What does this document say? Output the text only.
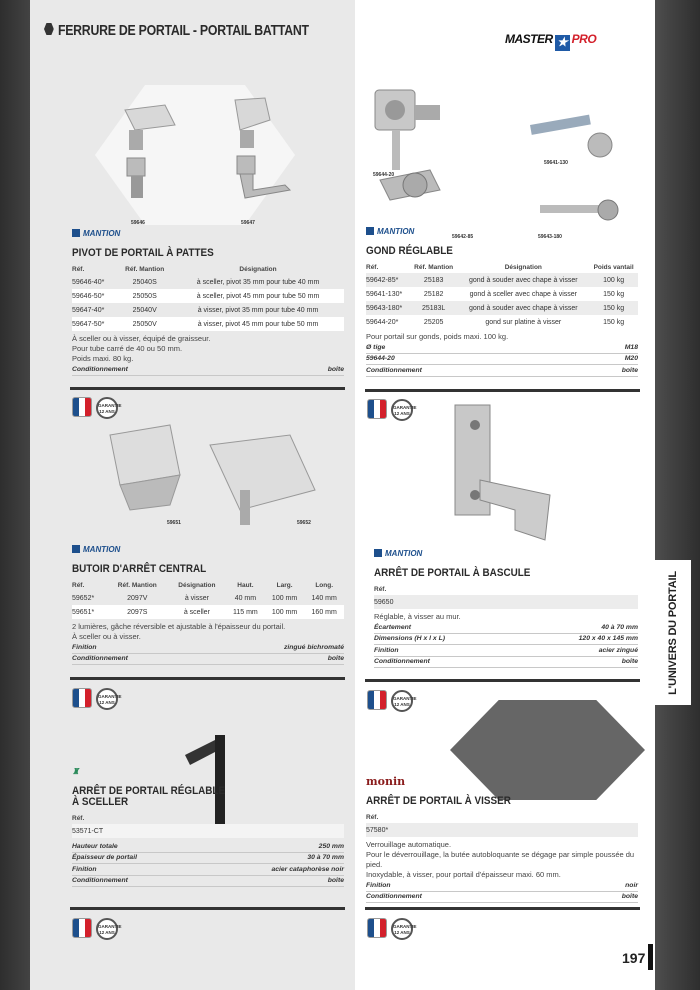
FERRURE DE PORTAIL - PORTAIL BATTANT	MASTER ★ PRO
59646	59647
59644-20
59641-130
59642-85	59643-180
59651	59652
MANTION
PIVOT DE PORTAIL À PATTES
Réf.	Réf. Mantion	Désignation
59646-40*	25040S	à sceller, pivot 35 mm pour tube 40 mm
59646-50*	25050S	à sceller, pivot 45 mm pour tube 50 mm
59647-40*	25040V	à visser, pivot 35 mm pour tube 40 mm
59647-50*	25050V	à visser, pivot 45 mm pour tube 50 mm
À sceller ou à visser, équipé de graisseur.
Pour tube carré de 40 ou 50 mm.
Poids maxi. 80 kg.
Conditionnement	boîte
MANTION
GOND RÉGLABLE
Réf.	Réf. Mantion	Désignation	Poids vantail
59642-85*	25183	gond à souder avec chape à visser	100 kg
59641-130*	25182	gond à sceller avec chape à visser	150 kg
59643-180*	25183L	gond à souder avec chape à visser	150 kg
59644-20*	25205	gond sur platine à visser	150 kg
Pour portail sur gonds, poids maxi. 100 kg.
Ø tige	M18
59644-20	M20
Conditionnement	boîte
MANTION
BUTOIR D'ARRÊT CENTRAL
Réf.	Réf. Mantion	Désignation	Haut.	Larg.	Long.
59652*	2097V	à visser	40 mm	100 mm	140 mm
59651*	2097S	à sceller	115 mm	100 mm	160 mm
2 lumières, gâche réversible et ajustable à l'épaisseur du portail.
À sceller ou à visser.
Finition	zingué bichromaté
Conditionnement	boîte
MANTION
ARRÊT DE PORTAIL À BASCULE
Réf.
59650
Réglable, à visser au mur.
Écartement	40 à 70 mm
Dimensions (H x l x L)	120 x 40 x 145 mm
Finition	acier zingué
Conditionnement	boîte
♜
ARRÊT DE PORTAIL RÉGLABLE
À SCELLER
Réf.
53571-CT
Hauteur totale	250 mm
Épaisseur de portail	30 à 70 mm
Finition	acier cataphorèse noir
Conditionnement	boîte
monin
ARRÊT DE PORTAIL À VISSER
Réf.
57580*
Verrouillage automatique.
Pour le déverrouillage, la butée autobloquante se dégage par simple poussée du pied.
Inoxydable, à visser, pour portail d'épaisseur maxi. 60 mm.
Finition	noir
Conditionnement	boîte
L'UNIVERS DU PORTAIL
197
GARANTIE
12 ANS
GARANTIE
12 ANS
GARANTIE
12 ANS
GARANTIE
12 ANS
GARANTIE
12 ANS
GARANTIE
12 ANS
